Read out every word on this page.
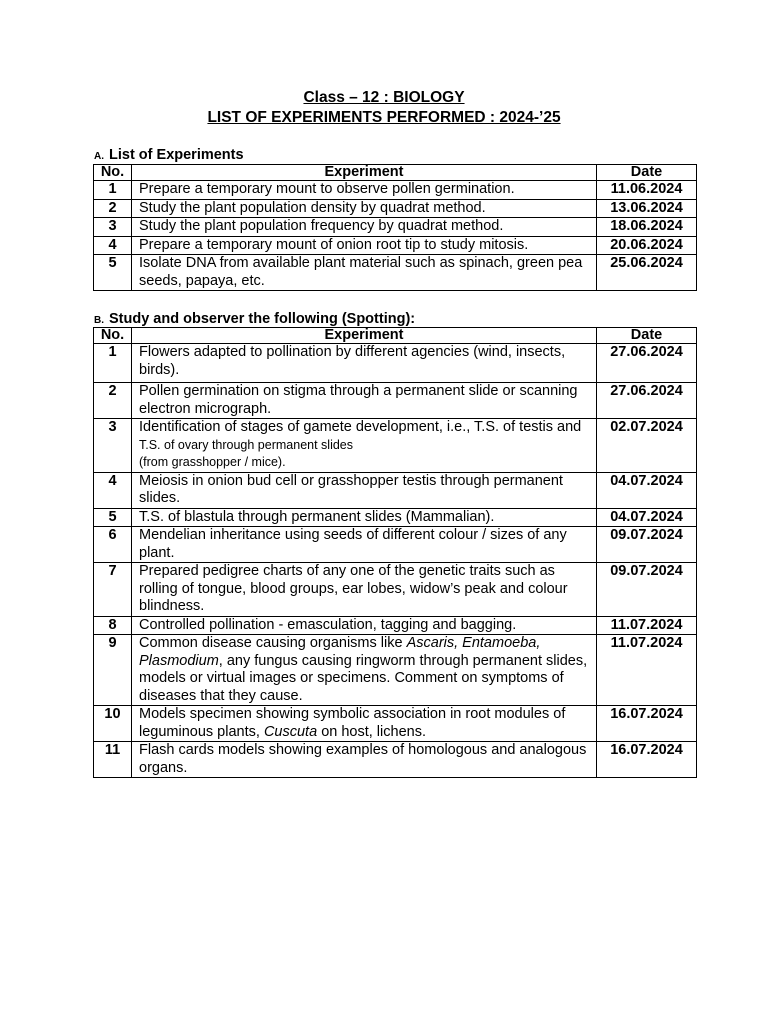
Class – 12 : BIOLOGY
LIST OF EXPERIMENTS PERFORMED : 2024-’25
A. List of Experiments
No.	Experiment	Date
1	Prepare a temporary mount to observe pollen germination.	11.06.2024
2	Study the plant population density by quadrat method.	13.06.2024
3	Study the plant population frequency by quadrat method.	18.06.2024
4	Prepare a temporary mount of onion root tip to study mitosis.	20.06.2024
5	Isolate DNA from available plant material such as spinach, green pea seeds, papaya, etc.	25.06.2024
B. Study and observer the following (Spotting):
No.	Experiment	Date
1	Flowers adapted to pollination by different agencies (wind, insects, birds).	27.06.2024
2	Pollen germination on stigma through a permanent slide or scanning electron micrograph.	27.06.2024
3	Identification of stages of gamete development, i.e., T.S. of testis and T.S. of ovary through permanent slides
(from grasshopper / mice).	02.07.2024
4	Meiosis in onion bud cell or grasshopper testis through permanent slides.	04.07.2024
5	T.S. of blastula through permanent slides (Mammalian).	04.07.2024
6	Mendelian inheritance using seeds of different colour / sizes of any plant.	09.07.2024
7	Prepared pedigree charts of any one of the genetic traits such as rolling of tongue, blood groups, ear lobes, widow’s peak and colour blindness.	09.07.2024
8	Controlled pollination - emasculation, tagging and bagging.	11.07.2024
9	Common disease causing organisms like Ascaris, Entamoeba, Plasmodium, any fungus causing ringworm through permanent slides, models or virtual images or specimens. Comment on symptoms of diseases that they cause.	11.07.2024
10	Models specimen showing symbolic association in root modules of leguminous plants, Cuscuta on host, lichens.	16.07.2024
11	Flash cards models showing examples of homologous and analogous organs.	16.07.2024
